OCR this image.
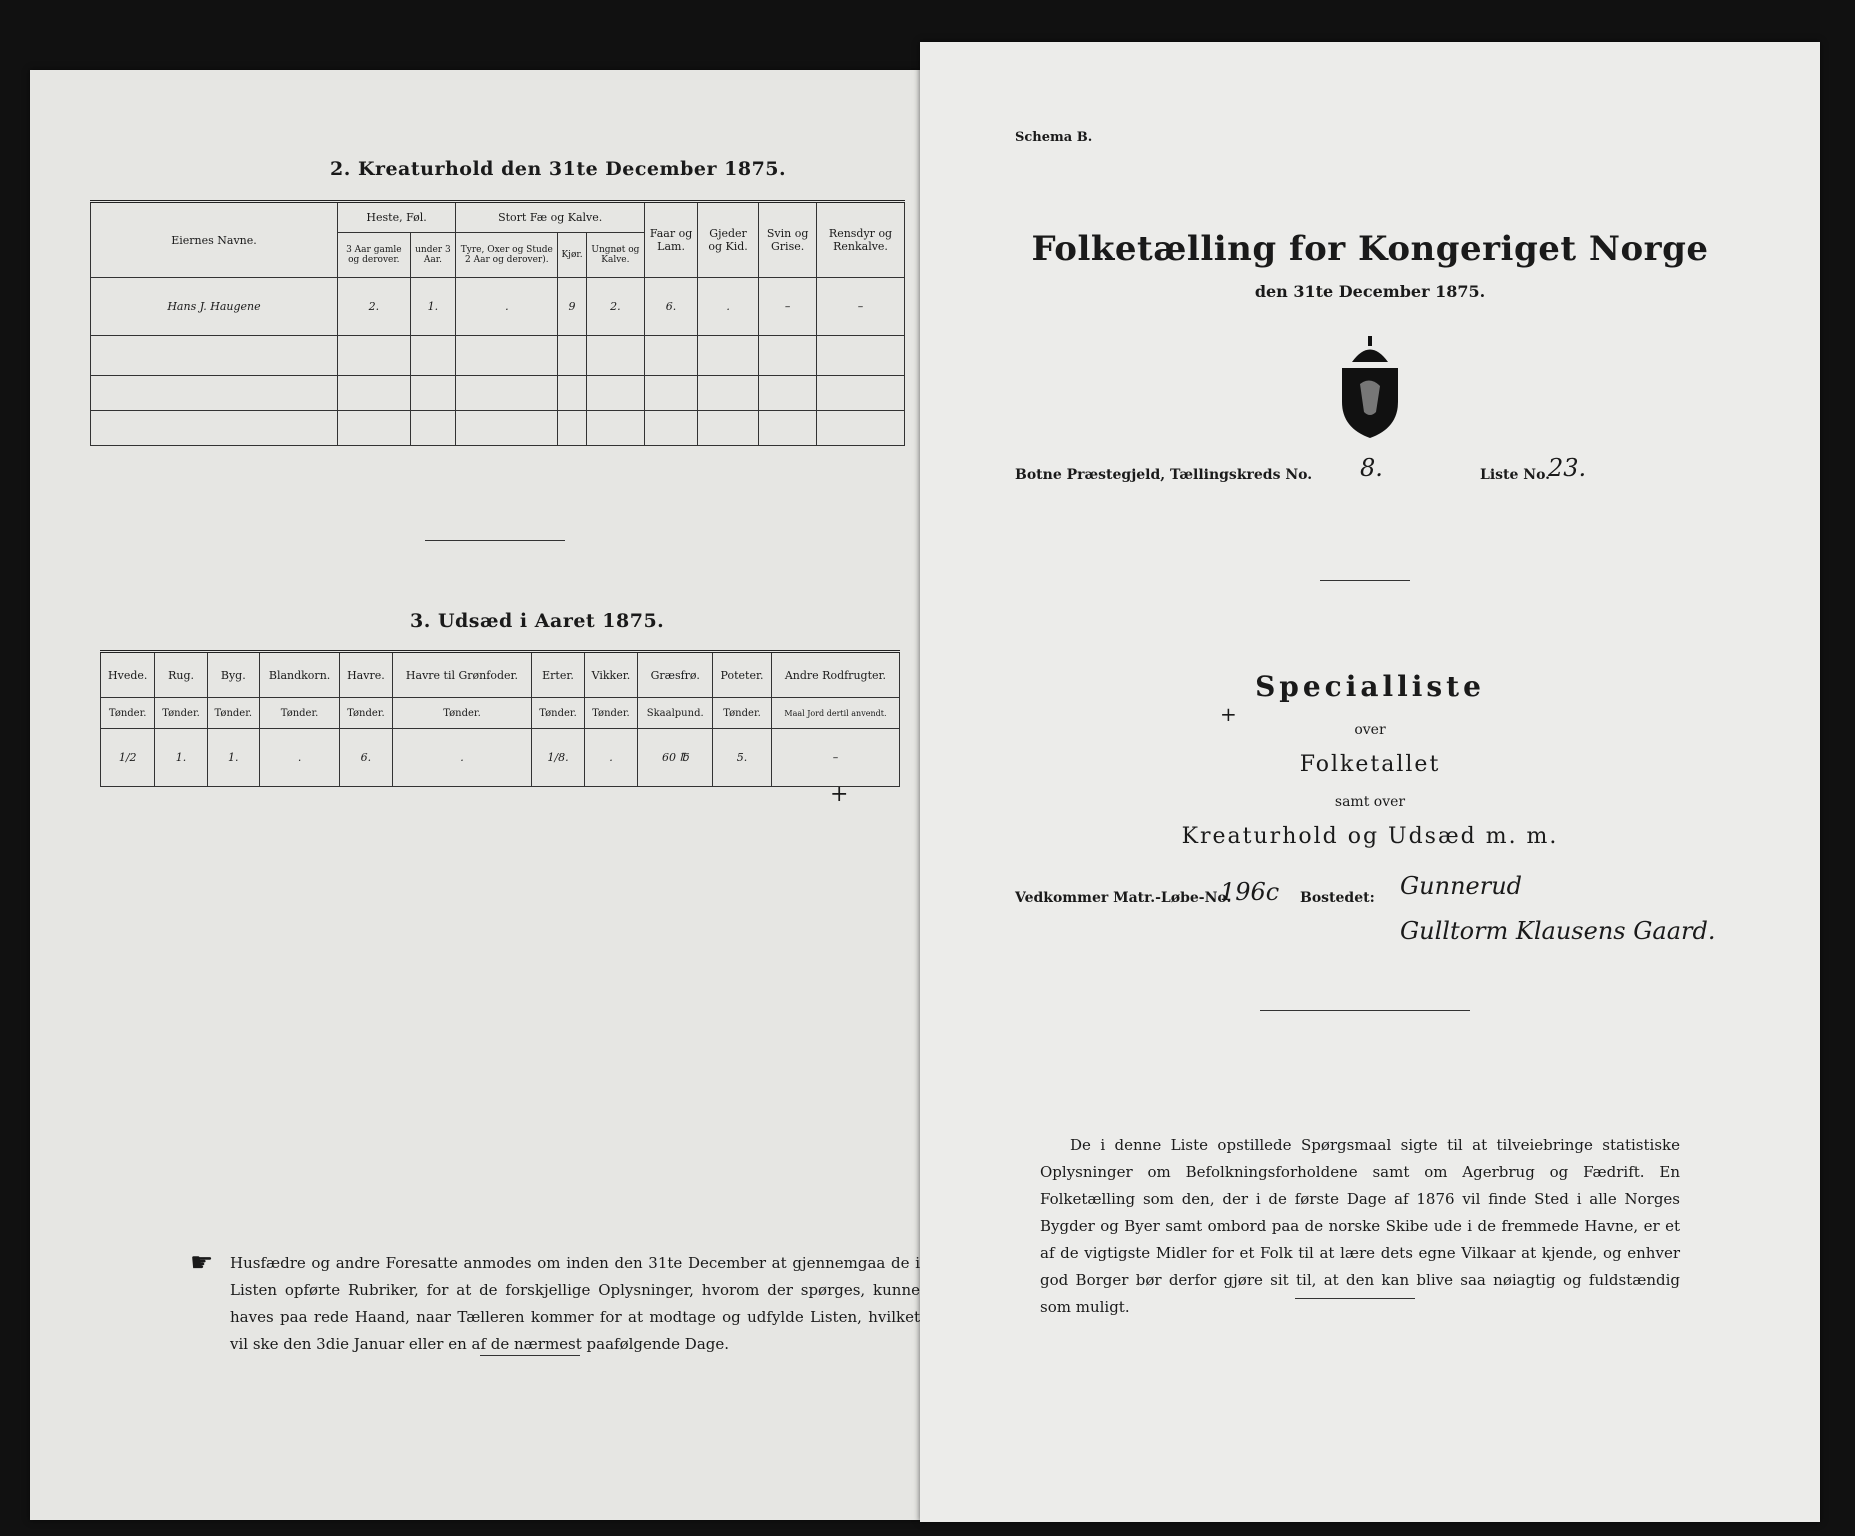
2. Kreaturhold den 31te December 1875.
Eiernes Navne.	Heste, Føl.		Stort Fæ og Kalve.			Faar og Lam.	Gjeder og Kid.	Svin og Grise.	Rensdyr og Renkalve.
	3 Aar gamle og derover.	under 3 Aar.	Tyre, Oxer og Stude 2 Aar og derover).	Kjør.	Ungnøt og Kalve.				
Hans J. Haugene	2.	1.	.	9	2.	6.	.	–	–

3. Udsæd i Aaret 1875.
Hvede.	Rug.	Byg.	Blandkorn.	Havre.	Havre til Grønfoder.	Erter.	Vikker.	Græsfrø.	Poteter.	Andre Rodfrugter.
Tønder.	Tønder.	Tønder.	Tønder.	Tønder.	Tønder.	Tønder.	Tønder.	Skaalpund.	Tønder.	Maal Jord dertil anvendt.
1/2	1.	1.	.	6.	.	1/8.	.	60 ℔	5.	–
+
☛ Husfædre og andre Foresatte anmodes om inden den 31te December at gjennemgaa de i Listen opførte Rubriker, for at de forskjellige Oplysninger, hvorom der spørges, kunne haves paa rede Haand, naar Tælleren kommer for at modtage og udfylde Listen, hvilket vil ske den 3die Januar eller en af de nærmest paafølgende Dage.
Schema B.
Folketælling for Kongeriget Norge
den 31te December 1875.
Botne Præstegjeld, Tællingskreds No. 8.	Liste No.
23.
Specialliste
+
over
Folketallet
samt over
Kreaturhold og Udsæd m. m.
Vedkommer Matr.-Løbe-No.
196c Bostedet: Gunnerud
Gulltorm Klausens Gaard.
De i denne Liste opstillede Spørgsmaal sigte til at tilveiebringe statistiske Oplysninger om Befolkningsforholdene samt om Agerbrug og Fædrift. En Folketælling som den, der i de første Dage af 1876 vil finde Sted i alle Norges Bygder og Byer samt ombord paa de norske Skibe ude i de fremmede Havne, er et af de vigtigste Midler for et Folk til at lære dets egne Vilkaar at kjende, og enhver god Borger bør derfor gjøre sit til, at den kan blive saa nøiagtig og fuldstændig som muligt.
